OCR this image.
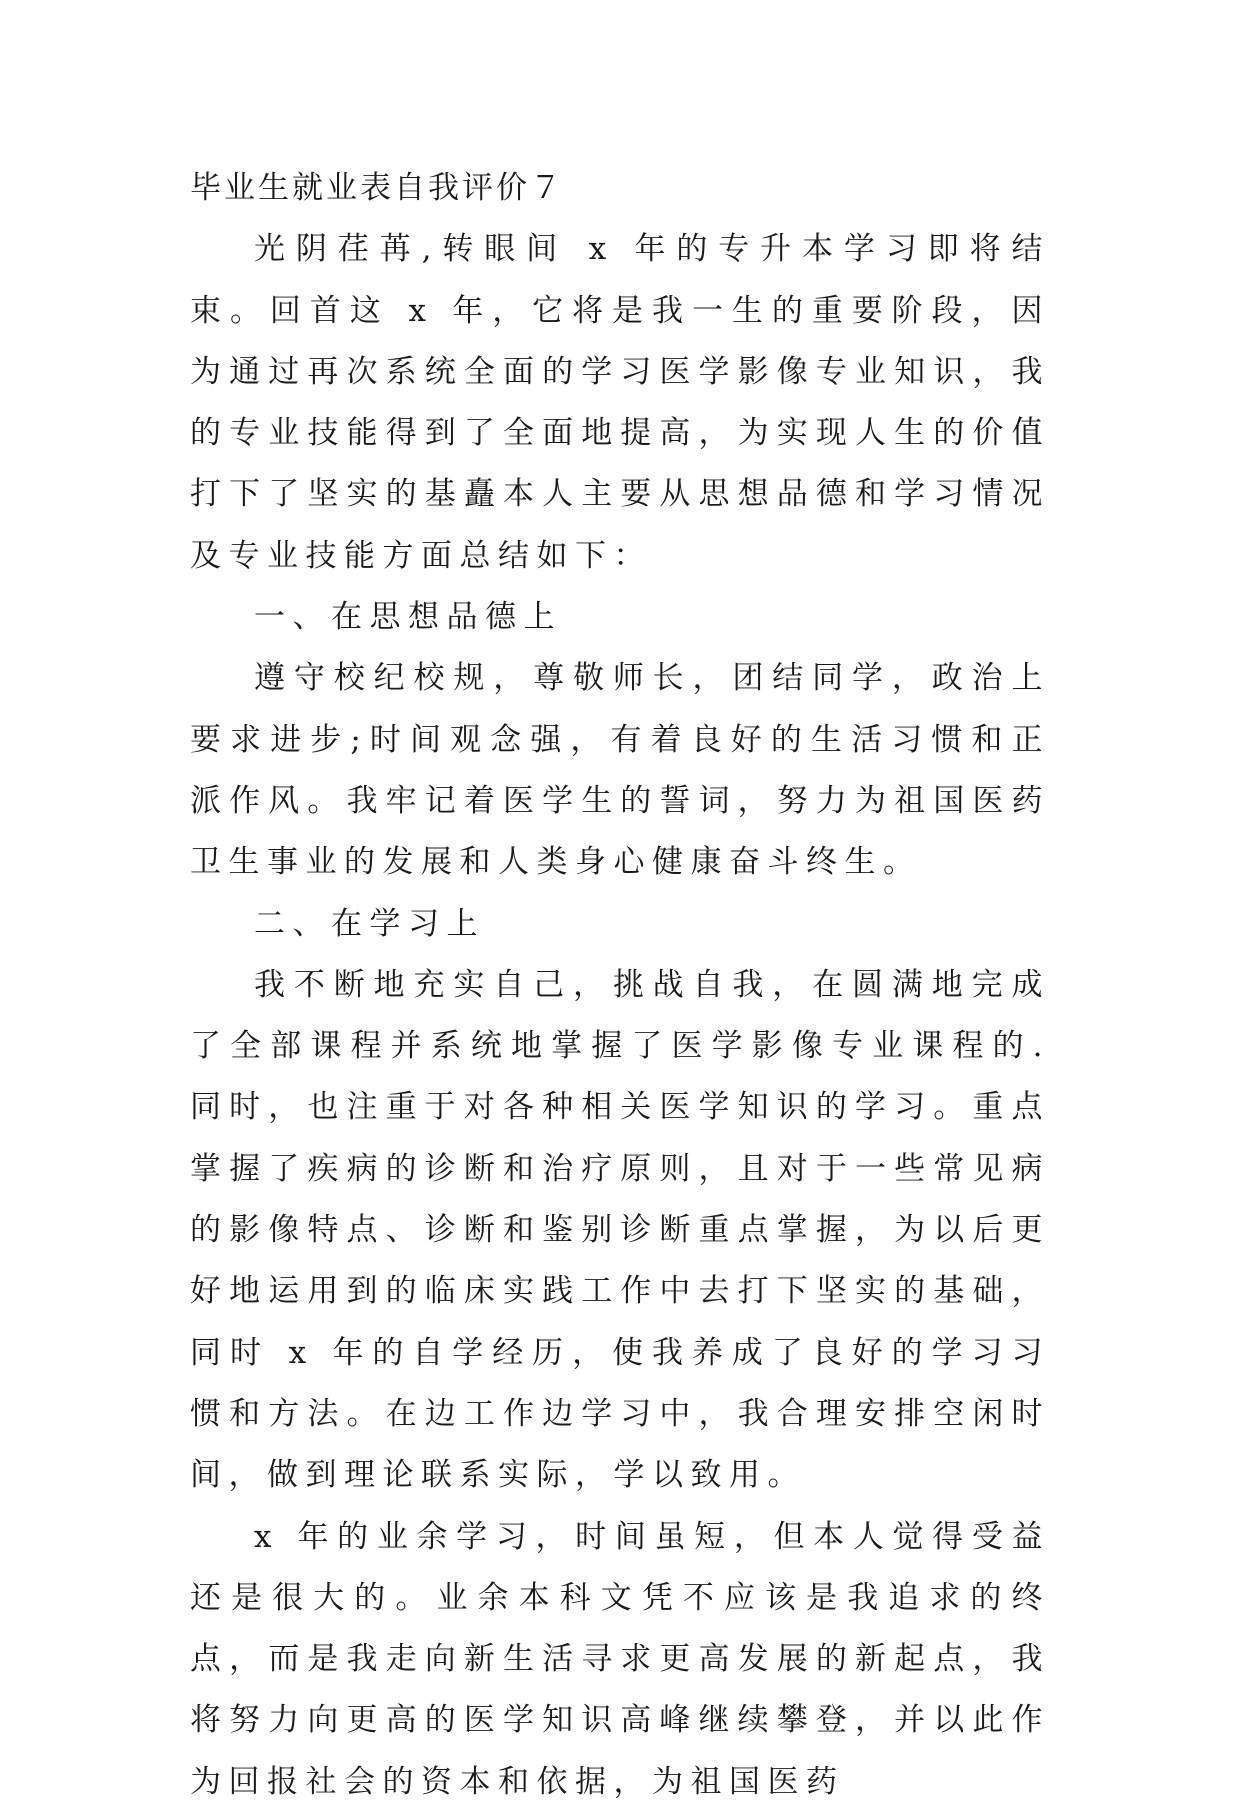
毕业生就业表自我评价７

光阴荏苒,转眼间 x 年的专升本学习即将结束。回首这 x 年，它将是我一生的重要阶段，因为通过再次系统全面的学习医学影像专业知识，我的专业技能得到了全面地提高，为实现人生的价值打下了坚实的基矗本人主要从思想品德和学习情况及专业技能方面总结如下：

一、在思想品德上

遵守校纪校规，尊敬师长，团结同学，政治上要求进步;时间观念强，有着良好的生活习惯和正派作风。我牢记着医学生的誓词，努力为祖国医药卫生事业的发展和人类身心健康奋斗终生。

二、在学习上

我不断地充实自己，挑战自我，在圆满地完成了全部课程并系统地掌握了医学影像专业课程的.同时，也注重于对各种相关医学知识的学习。重点掌握了疾病的诊断和治疗原则，且对于一些常见病的影像特点、诊断和鉴别诊断重点掌握，为以后更好地运用到的临床实践工作中去打下坚实的基础，同时 x 年的自学经历，使我养成了良好的学习习惯和方法。在边工作边学习中，我合理安排空闲时间，做到理论联系实际，学以致用。

x 年的业余学习，时间虽短，但本人觉得受益还是很大的。业余本科文凭不应该是我追求的终点，而是我走向新生活寻求更高发展的新起点，我将努力向更高的医学知识高峰继续攀登，并以此作为回报社会的资本和依据，为祖国医药
